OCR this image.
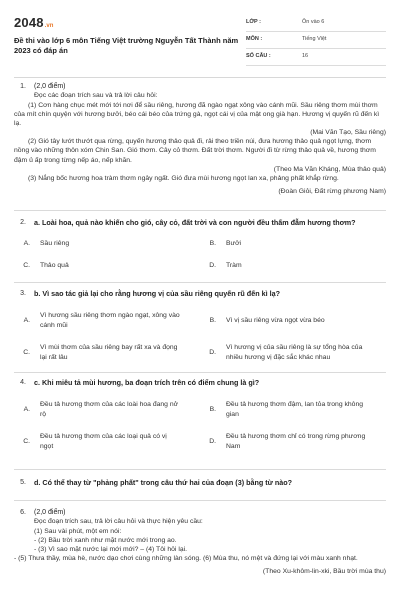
2048 .vn
Đề thi vào lớp 6 môn Tiếng Việt trường Nguyễn Tất Thành năm 2023 có đáp án
LỚP :	Ôn vào 6
MÔN :	Tiếng Việt
SỐ CÂU :	16
1. (2,0 điểm)
Đọc các đoạn trích sau và trả lời câu hỏi:
(1) Cơn hàng chục mét mới tới nơi để sầu riêng, hương đã ngào ngạt xông vào cánh mũi. Sầu riêng thơm mùi thơm của mít chín quyện với hương bưởi, béo cái béo của trứng gà, ngọt cái vị của mật ong già hạn. Hương vị quyến rũ đến kì lạ.
(Mai Văn Tạo, Sầu riêng)
(2) Gió tây lướt thướt qua rừng, quyến hương thảo quả đi, rải theo triền núi, đưa hương thảo quả ngọt lựng, thơm nồng vào những thôn xóm Chin San. Gió thơm. Cây cỏ thơm. Đất trời thơm. Người đi từ rừng thảo quả về, hương thơm đậm ủ ấp trong từng nếp áo, nếp khăn.
(Theo Ma Văn Kháng, Mùa thảo quả)
(3) Nắng bốc hương hoa tràm thơm ngây ngất. Gió đưa mùi hương ngọt lan xa, phảng phất khắp rừng.
(Đoàn Giỏi, Đất rừng phương Nam)
2. a. Loài hoa, quả nào khiến cho gió, cây cỏ, đất trời và con người đều thấm đẫm hương thơm?
A. Sầu riêng	B. Bưởi
C. Thảo quả	D. Tràm
3. b. Vì sao tác giả lại cho rằng hương vị của sầu riêng quyến rũ đến kì lạ?
A.
Vì hương sầu riêng thơm ngào ngạt, xông vào cánh mũi
B. Vì vị sầu riêng vừa ngọt vừa béo
C.
Vì mùi thơm của sầu riêng bay rất xa và đọng lại rất lâu
D.
Vì hương vị của sầu riêng là sự tổng hòa của nhiều hương vị đặc sắc khác nhau
4. c. Khi miêu tả mùi hương, ba đoạn trích trên có điểm chung là gì?
A.
Đều tả hương thơm của các loài hoa đang nở rộ
B.
Đều tả hương thơm đậm, lan tỏa trong không gian
C.
Đều tả hương thơm của các loại quả có vị ngọt
D.
Đều tả hương thơm chỉ có trong rừng phương Nam
5. d. Có thể thay từ "phảng phất" trong câu thứ hai của đoạn (3) bằng từ nào?
6. (2,0 điểm)
Đọc đoạn trích sau, trả lời câu hỏi và thực hiện yêu cầu:
(1) Sau vài phút, một em nói:
- (2) Bầu trời xanh như mặt nước mới trong ao.
- (3) Vì sao mặt nước lại mới mới? – (4) Tôi hỏi lại.
- (5) Thưa thầy, mùa hè, nước dạo chơi cùng những làn sóng. (6) Mùa thu, nó mệt và đứng lại với màu xanh nhạt.
(Theo Xu-khôm-lin-xki, Bầu trời mùa thu)
